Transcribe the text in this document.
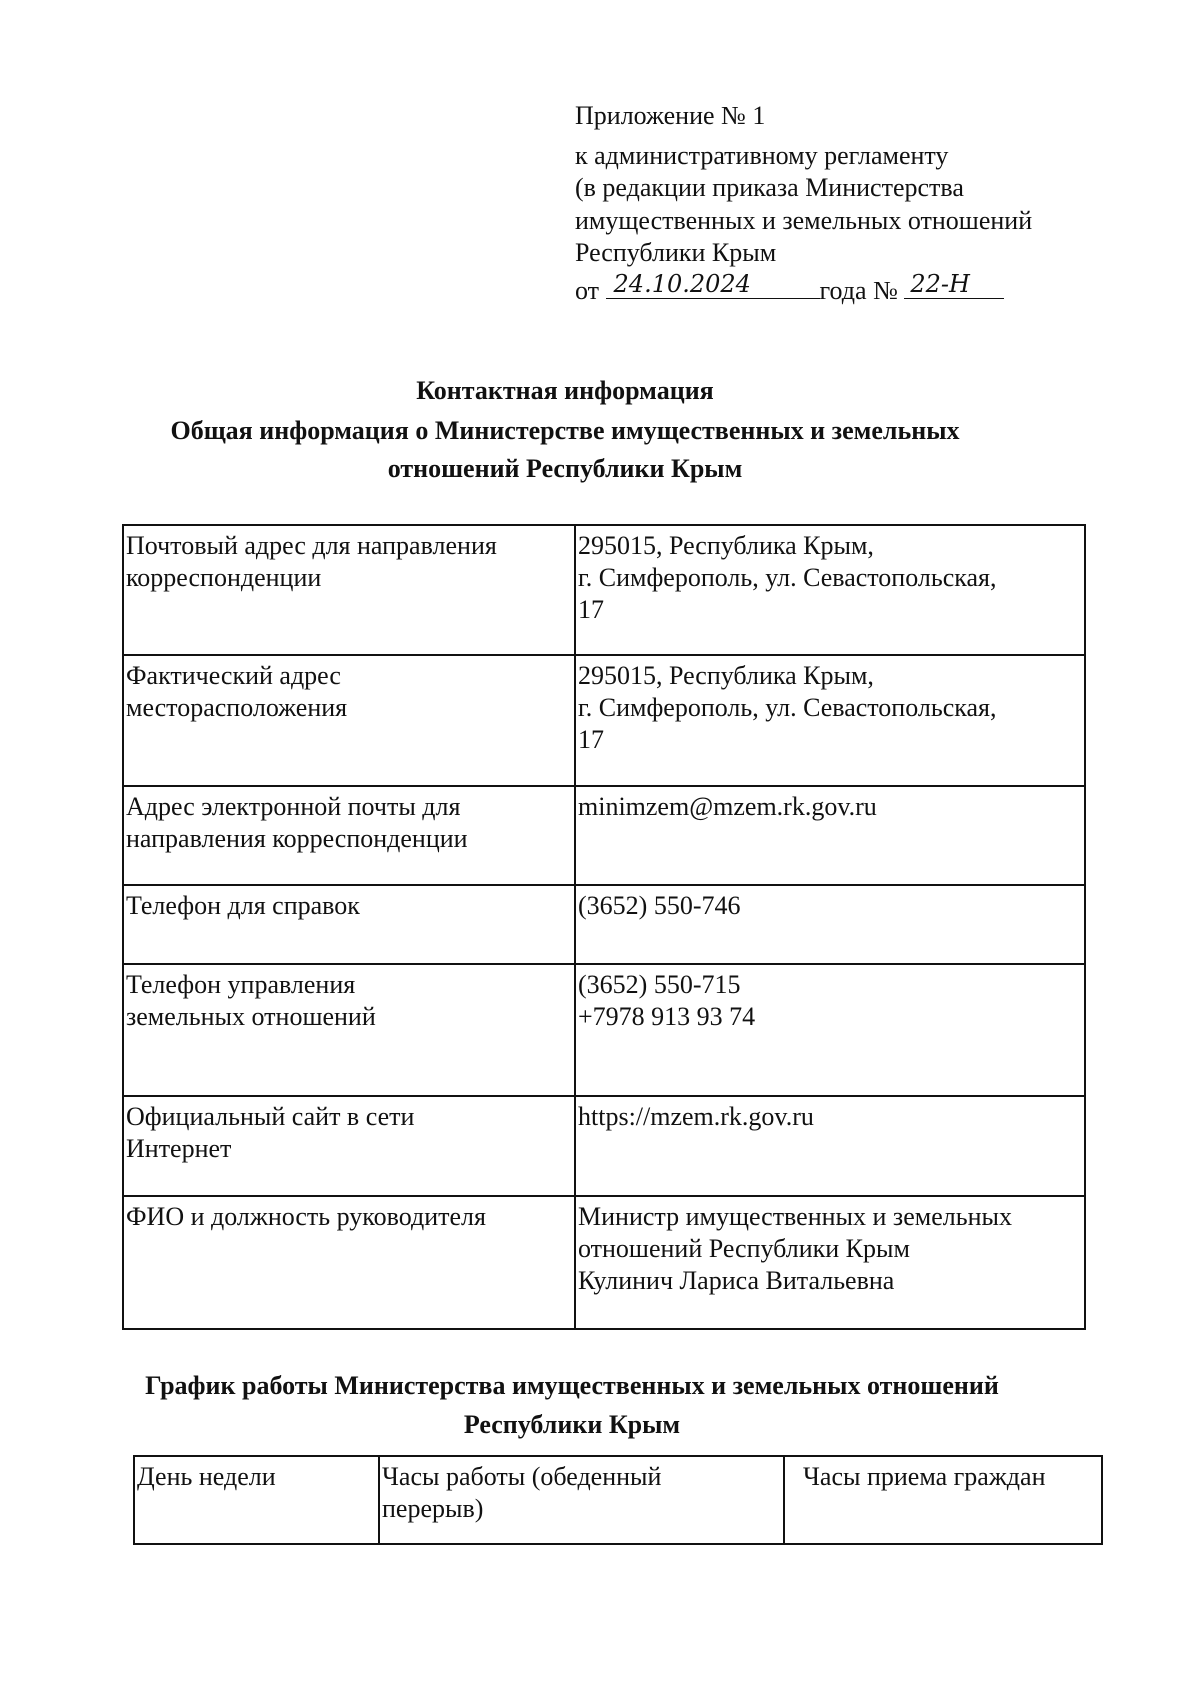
Приложение № 1
к административному регламенту
(в редакции приказа Министерства
имущественных и земельных отношений
Республики Крым
от 24.10.2024	года № 22-Н
Контактная информация
Общая информация о Министерстве имущественных и земельных
отношений Республики Крым
Почтовый адрес для направления
корреспонденции	295015, Республика Крым,
г. Симферополь, ул. Севастопольская,
17
Фактический адрес
месторасположения	295015, Республика Крым,
г. Симферополь, ул. Севастопольская,
17
Адрес электронной почты для
направления корреспонденции	minimzem@mzem.rk.gov.ru
Телефон для справок	(3652) 550-746
Телефон управления
земельных отношений	(3652) 550-715
+7978 913 93 74
Официальный сайт в сети
Интернет	https://mzem.rk.gov.ru
ФИО и должность руководителя	Министр имущественных и земельных
отношений Республики Крым
Кулинич Лариса Витальевна
График работы Министерства имущественных и земельных отношений
Республики Крым
День недели	Часы работы (обеденный
перерыв)	Часы приема граждан
